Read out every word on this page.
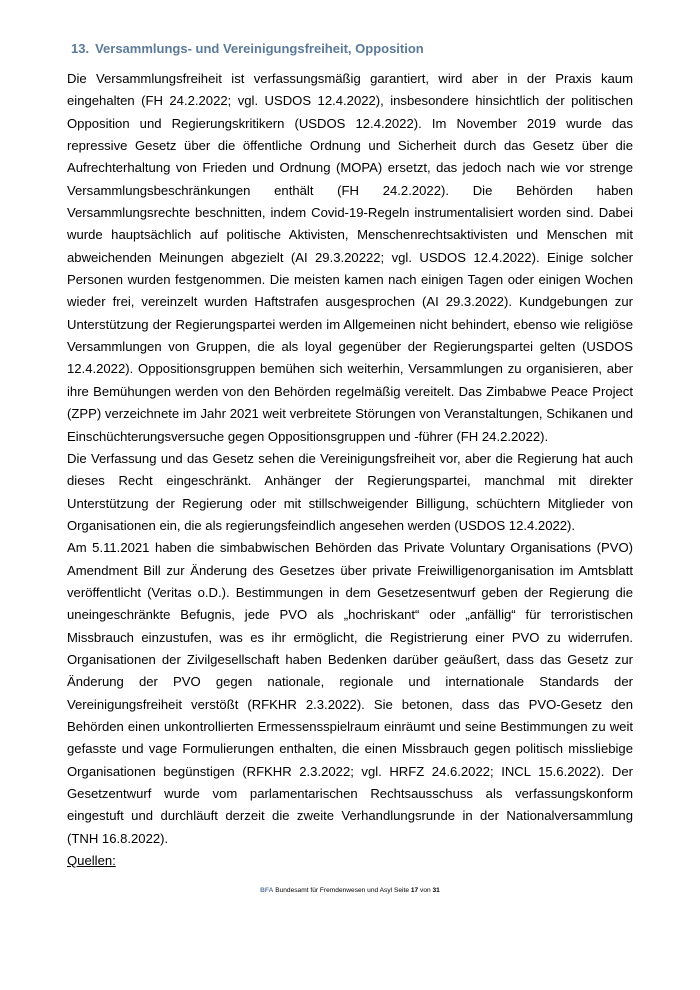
13. Versammlungs- und Vereinigungsfreiheit, Opposition

Die Versammlungsfreiheit ist verfassungsmäßig garantiert, wird aber in der Praxis kaum eingehalten (FH 24.2.2022; vgl. USDOS 12.4.2022), insbesondere hinsichtlich der politischen Opposition und Regierungskritikern (USDOS 12.4.2022). Im November 2019 wurde das repressive Gesetz über die öffentliche Ordnung und Sicherheit durch das Gesetz über die Aufrechterhaltung von Frieden und Ordnung (MOPA) ersetzt, das jedoch nach wie vor strenge Versammlungsbeschränkungen enthält (FH 24.2.2022). Die Behörden haben Versammlungsrechte beschnitten, indem Covid-19-Regeln instrumentalisiert worden sind. Dabei wurde hauptsächlich auf politische Aktivisten, Menschenrechtsaktivisten und Menschen mit abweichenden Meinungen abgezielt (AI 29.3.20222; vgl. USDOS 12.4.2022). Einige solcher Personen wurden festgenommen. Die meisten kamen nach einigen Tagen oder einigen Wochen wieder frei, vereinzelt wurden Haftstrafen ausgesprochen (AI 29.3.2022). Kundgebungen zur Unterstützung der Regierungspartei werden im Allgemeinen nicht behindert, ebenso wie religiöse Versammlungen von Gruppen, die als loyal gegenüber der Regierungspartei gelten (USDOS 12.4.2022). Oppositionsgruppen bemühen sich weiterhin, Versammlungen zu organisieren, aber ihre Bemühungen werden von den Behörden regelmäßig vereitelt. Das Zimbabwe Peace Project (ZPP) verzeichnete im Jahr 2021 weit verbreitete Störungen von Veranstaltungen, Schikanen und Einschüchterungsversuche gegen Oppositionsgruppen und -führer (FH 24.2.2022).

Die Verfassung und das Gesetz sehen die Vereinigungsfreiheit vor, aber die Regierung hat auch dieses Recht eingeschränkt. Anhänger der Regierungspartei, manchmal mit direkter Unterstützung der Regierung oder mit stillschweigender Billigung, schüchtern Mitglieder von Organisationen ein, die als regierungsfeindlich angesehen werden (USDOS 12.4.2022).

Am 5.11.2021 haben die simbabwischen Behörden das Private Voluntary Organisations (PVO) Amendment Bill zur Änderung des Gesetzes über private Freiwilligenorganisation im Amtsblatt veröffentlicht (Veritas o.D.). Bestimmungen in dem Gesetzesentwurf geben der Regierung die uneingeschränkte Befugnis, jede PVO als „hochriskant“ oder „anfällig“ für terroristischen Missbrauch einzustufen, was es ihr ermöglicht, die Registrierung einer PVO zu widerrufen. Organisationen der Zivilgesellschaft haben Bedenken darüber geäußert, dass das Gesetz zur Änderung der PVO gegen nationale, regionale und internationale Standards der Vereinigungsfreiheit verstößt (RFKHR 2.3.2022). Sie betonen, dass das PVO-Gesetz den Behörden einen unkontrollierten Ermessensspielraum einräumt und seine Bestimmungen zu weit gefasste und vage Formulierungen enthalten, die einen Missbrauch gegen politisch missliebige Organisationen begünstigen (RFKHR 2.3.2022; vgl. HRFZ 24.6.2022; INCL 15.6.2022). Der Gesetzentwurf wurde vom parlamentarischen Rechtsausschuss als verfassungskonform eingestuft und durchläuft derzeit die zweite Verhandlungsrunde in der Nationalversammlung (TNH 16.8.2022).

Quellen:

BFA Bundesamt für Fremdenwesen und Asyl Seite 17 von 31
